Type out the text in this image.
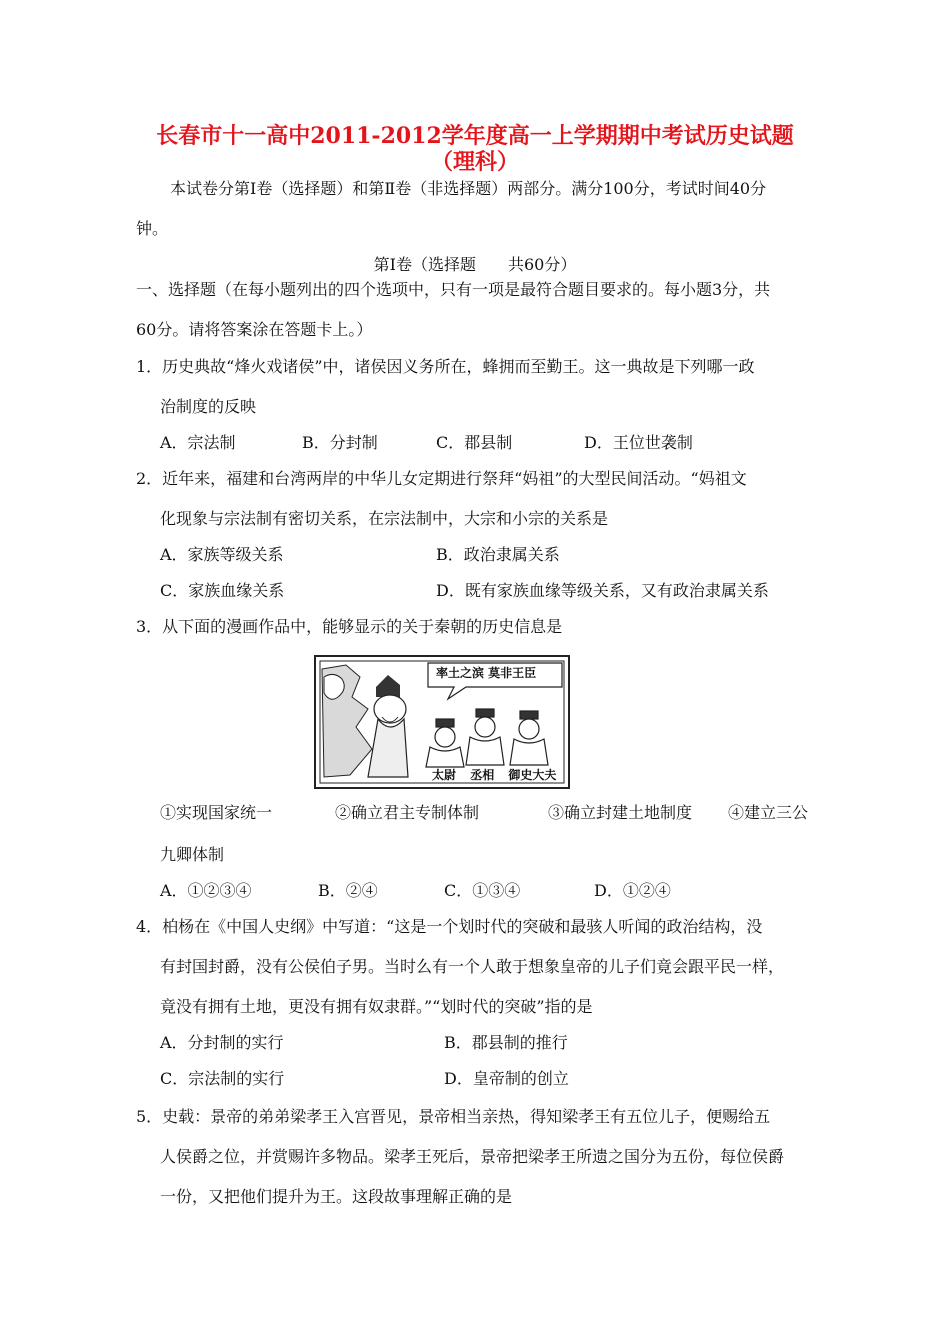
长春市十一高中2011-2012学年度高一上学期期中考试历史试题
（理科）
本试卷分第Ⅰ卷（选择题）和第Ⅱ卷（非选择题）两部分。满分100分，考试时间40分
钟。
第Ⅰ卷（选择题　　共60分）
一、选择题（在每小题列出的四个选项中，只有一项是最符合题目要求的。每小题3分，共
60分。请将答案涂在答题卡上。）
1．历史典故“烽火戏诸侯”中，诸侯因义务所在，蜂拥而至勤王。这一典故是下列哪一政
治制度的反映
A．宗法制	B．分封制	C．郡县制	D．王位世袭制
2．近年来，福建和台湾两岸的中华儿女定期进行祭拜“妈祖”的大型民间活动。“妈祖文
化现象与宗法制有密切关系，在宗法制中，大宗和小宗的关系是
A．家族等级关系	B．政治隶属关系
C．家族血缘关系	D．既有家族血缘等级关系，又有政治隶属关系
3．从下面的漫画作品中，能够显示的关于秦朝的历史信息是
率土之滨 莫非王臣
太尉 丞相 御史大夫
①实现国家统一	②确立君主专制体制	③确立封建土地制度 ④建立三公
九卿体制
A．①②③④	B．②④	C．①③④	D．①②④
4．柏杨在《中国人史纲》中写道：“这是一个划时代的突破和最骇人听闻的政治结构，没
有封国封爵，没有公侯伯子男。当时么有一个人敢于想象皇帝的儿子们竟会跟平民一样，
竟没有拥有土地，更没有拥有奴隶群。”“划时代的突破”指的是
A．分封制的实行	B．郡县制的推行
C．宗法制的实行	D．皇帝制的创立
5．史载：景帝的弟弟梁孝王入宫晋见，景帝相当亲热，得知梁孝王有五位儿子，便赐给五
人侯爵之位，并赏赐许多物品。梁孝王死后，景帝把梁孝王所遗之国分为五份，每位侯爵
一份，又把他们提升为王。这段故事理解正确的是
